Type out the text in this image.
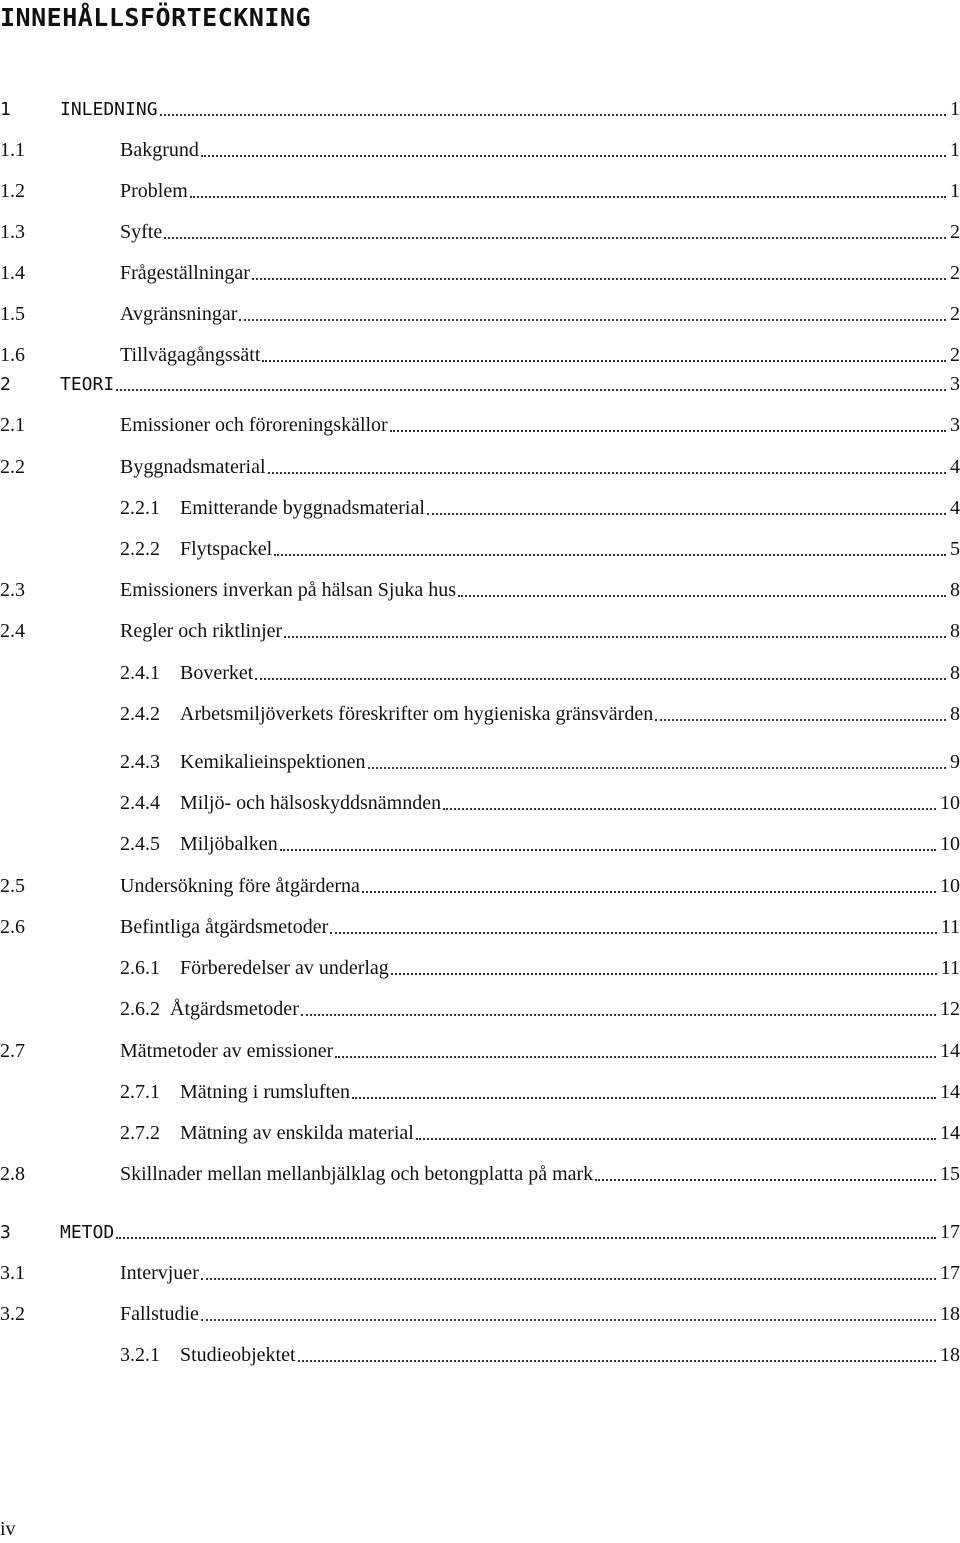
INNEHÅLLSFÖRTECKNING
1	INLEDNING	1
1.1	Bakgrund	1
1.2	Problem	1
1.3	Syfte	2
1.4	Frågeställningar	2
1.5	Avgränsningar	2
1.6	Tillvägagångssätt	2
2	TEORI	3
2.1	Emissioner och föroreningskällor	3
2.2	Byggnadsmaterial	4
2.2.1	Emitterande byggnadsmaterial	4
2.2.2	Flytspackel	5
2.3	Emissioners inverkan på hälsan Sjuka hus	8
2.4	Regler och riktlinjer	8
2.4.1	Boverket	8
2.4.2	Arbetsmiljöverkets föreskrifter om hygieniska gränsvärden	8
2.4.3	Kemikalieinspektionen	9
2.4.4	Miljö- och hälsoskyddsnämnden	10
2.4.5	Miljöbalken	10
2.5	Undersökning före åtgärderna	10
2.6	Befintliga åtgärdsmetoder	11
2.6.1	Förberedelser av underlag	11
2.6.2 Åtgärdsmetoder	12
2.7	Mätmetoder av emissioner	14
2.7.1	Mätning i rumsluften	14
2.7.2	Mätning av enskilda material	14
2.8	Skillnader mellan mellanbjälklag och betongplatta på mark	15
3	METOD	17
3.1	Intervjuer	17
3.2	Fallstudie	18
3.2.1	Studieobjektet	18
iv
